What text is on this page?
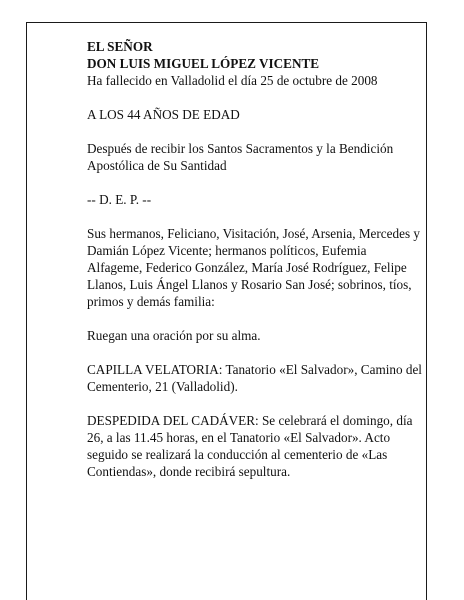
EL SEÑOR
DON LUIS MIGUEL LÓPEZ VICENTE
Ha fallecido en Valladolid el día 25 de octubre de 2008

A LOS 44 AÑOS DE EDAD

Después de recibir los Santos Sacramentos y la Bendición Apostólica de Su Santidad

-- D. E. P. --

Sus hermanos, Feliciano, Visitación, José, Arsenia, Mercedes y Damián López Vicente; hermanos políticos, Eufemia Alfageme, Federico González, María José Rodríguez, Felipe Llanos, Luis Ángel Llanos y Rosario San José; sobrinos, tíos, primos y demás familia:

Ruegan una oración por su alma.

CAPILLA VELATORIA: Tanatorio «El Salvador», Camino del Cementerio, 21 (Valladolid).

DESPEDIDA DEL CADÁVER: Se celebrará el domingo, día 26, a las 11.45 horas, en el Tanatorio «El Salvador». Acto seguido se realizará la conducción al cementerio de «Las Contiendas», donde recibirá sepultura.
